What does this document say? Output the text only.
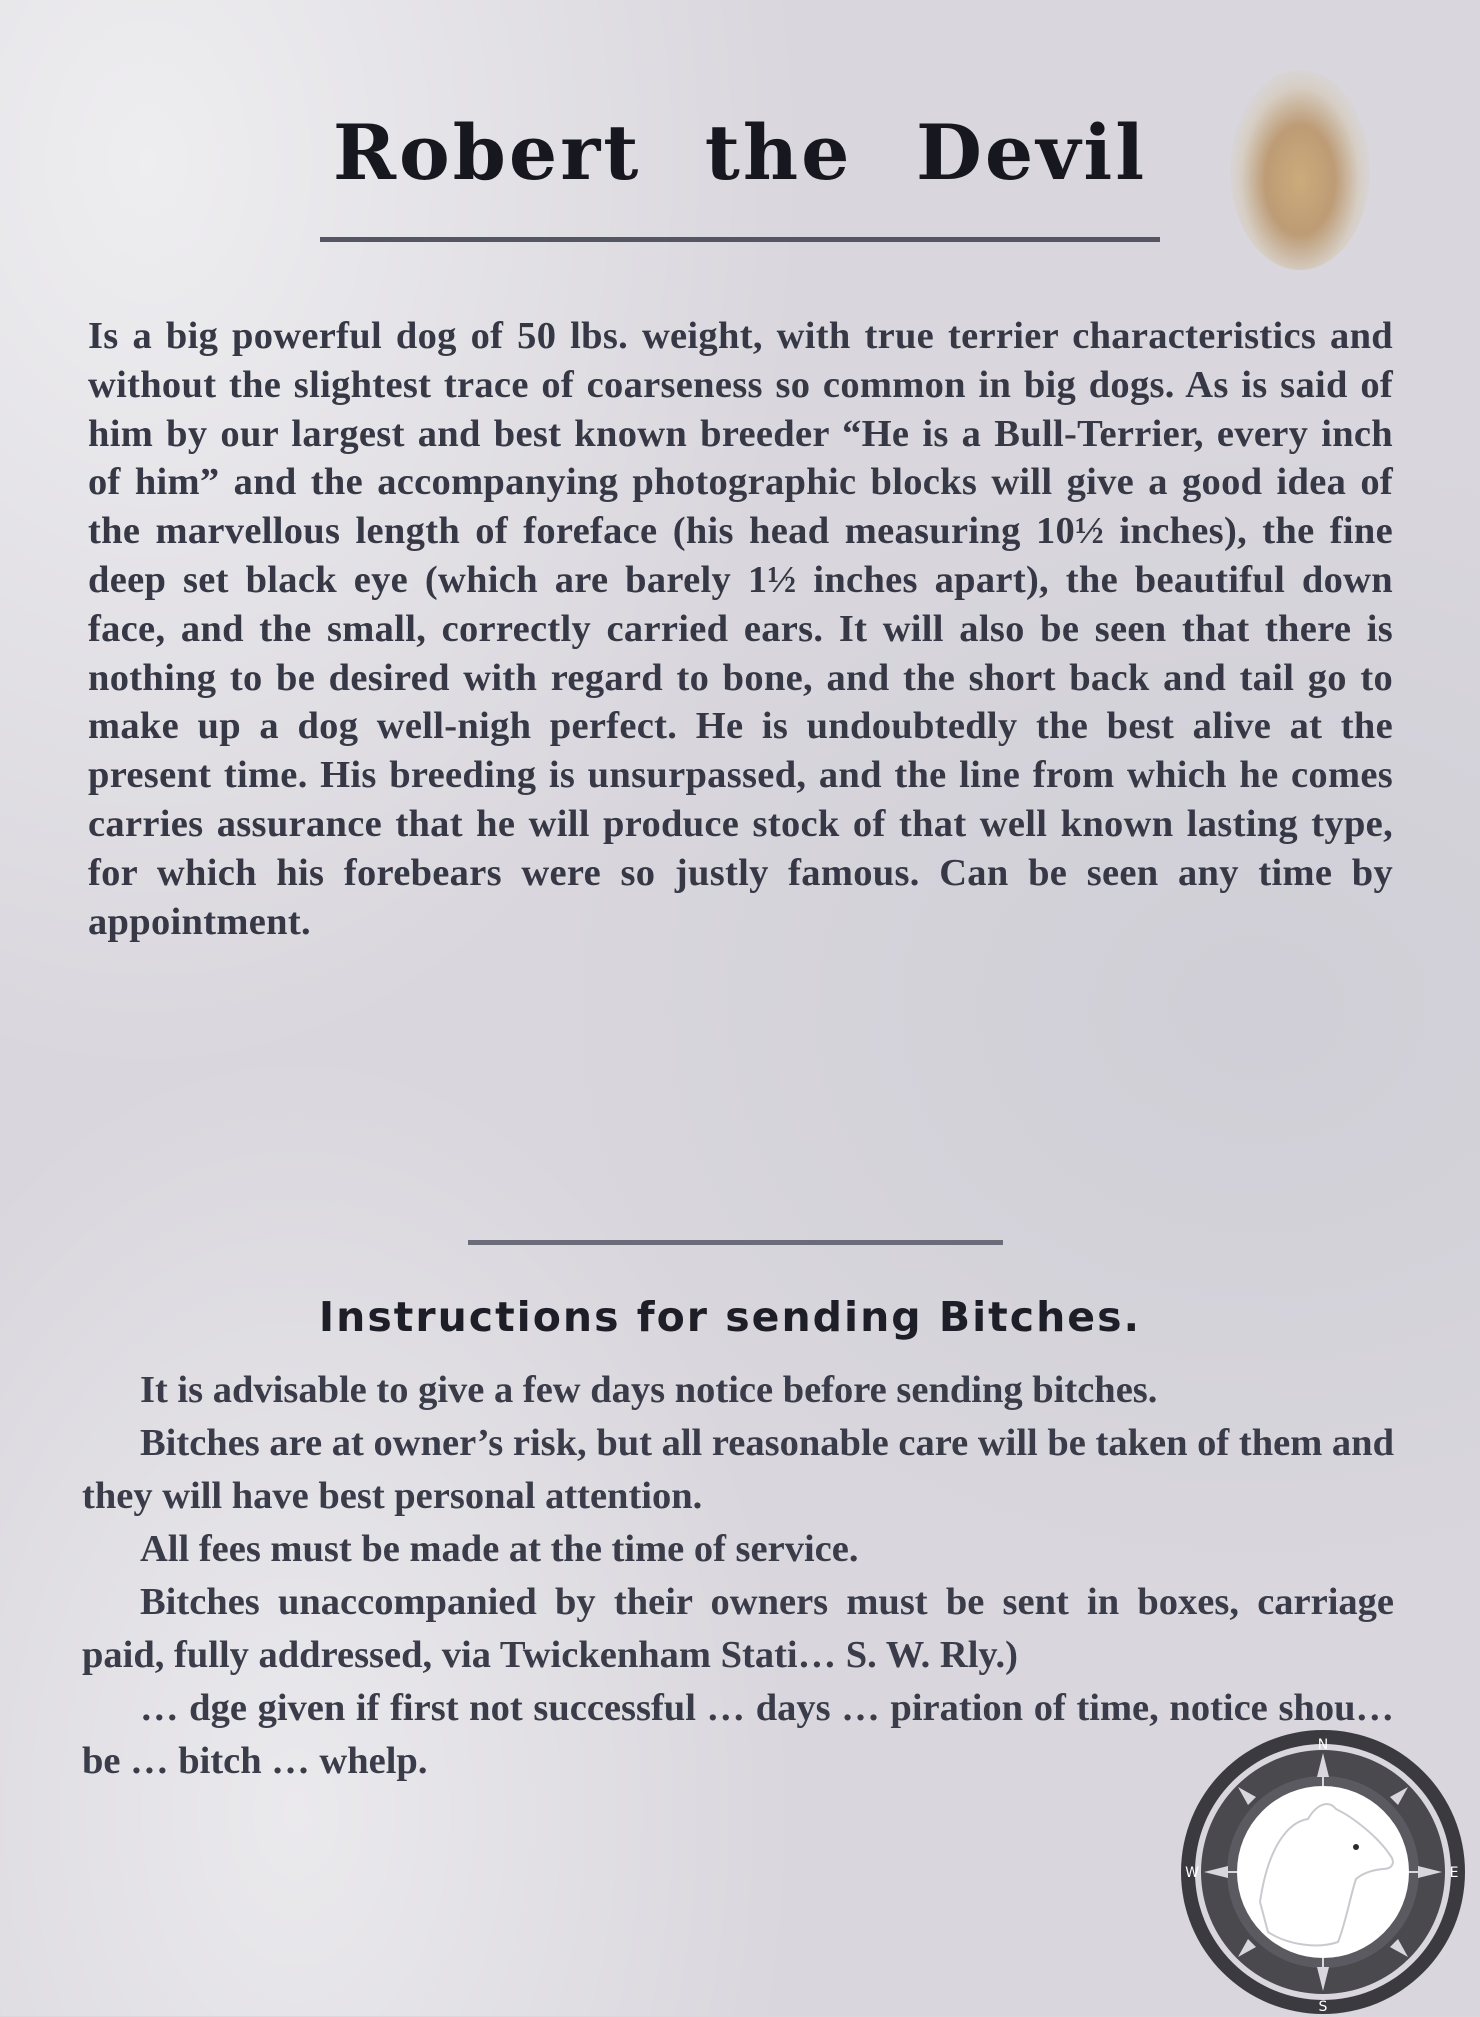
Robert the Devil

Is a big powerful dog of 50 lbs. weight, with true terrier characteristics and without the slightest trace of coarseness so common in big dogs. As is said of him by our largest and best known breeder “He is a Bull-Terrier, every inch of him” and the accompanying photographic blocks will give a good idea of the marvellous length of foreface (his head measuring 10½ inches), the fine deep set black eye (which are barely 1½ inches apart), the beautiful down face, and the small, correctly carried ears. It will also be seen that there is nothing to be desired with regard to bone, and the short back and tail go to make up a dog well-nigh perfect. He is undoubtedly the best alive at the present time. His breeding is unsurpassed, and the line from which he comes carries assurance that he will produce stock of that well known lasting type, for which his forebears were so justly famous. Can be seen any time by appointment.

Instructions for sending Bitches.

It is advisable to give a few days notice before sending bitches.

Bitches are at owner’s risk, but all reasonable care will be taken of them and they will have best personal attention.

All fees must be made at the time of service.

Bitches unaccompanied by their owners must be sent in boxes, carriage paid, fully addressed, via Twickenham Stati… S. W. Rly.)

… dge given if first not successful … days … piration of time, notice shou… be … bitch … whelp.	N
S
W	E
